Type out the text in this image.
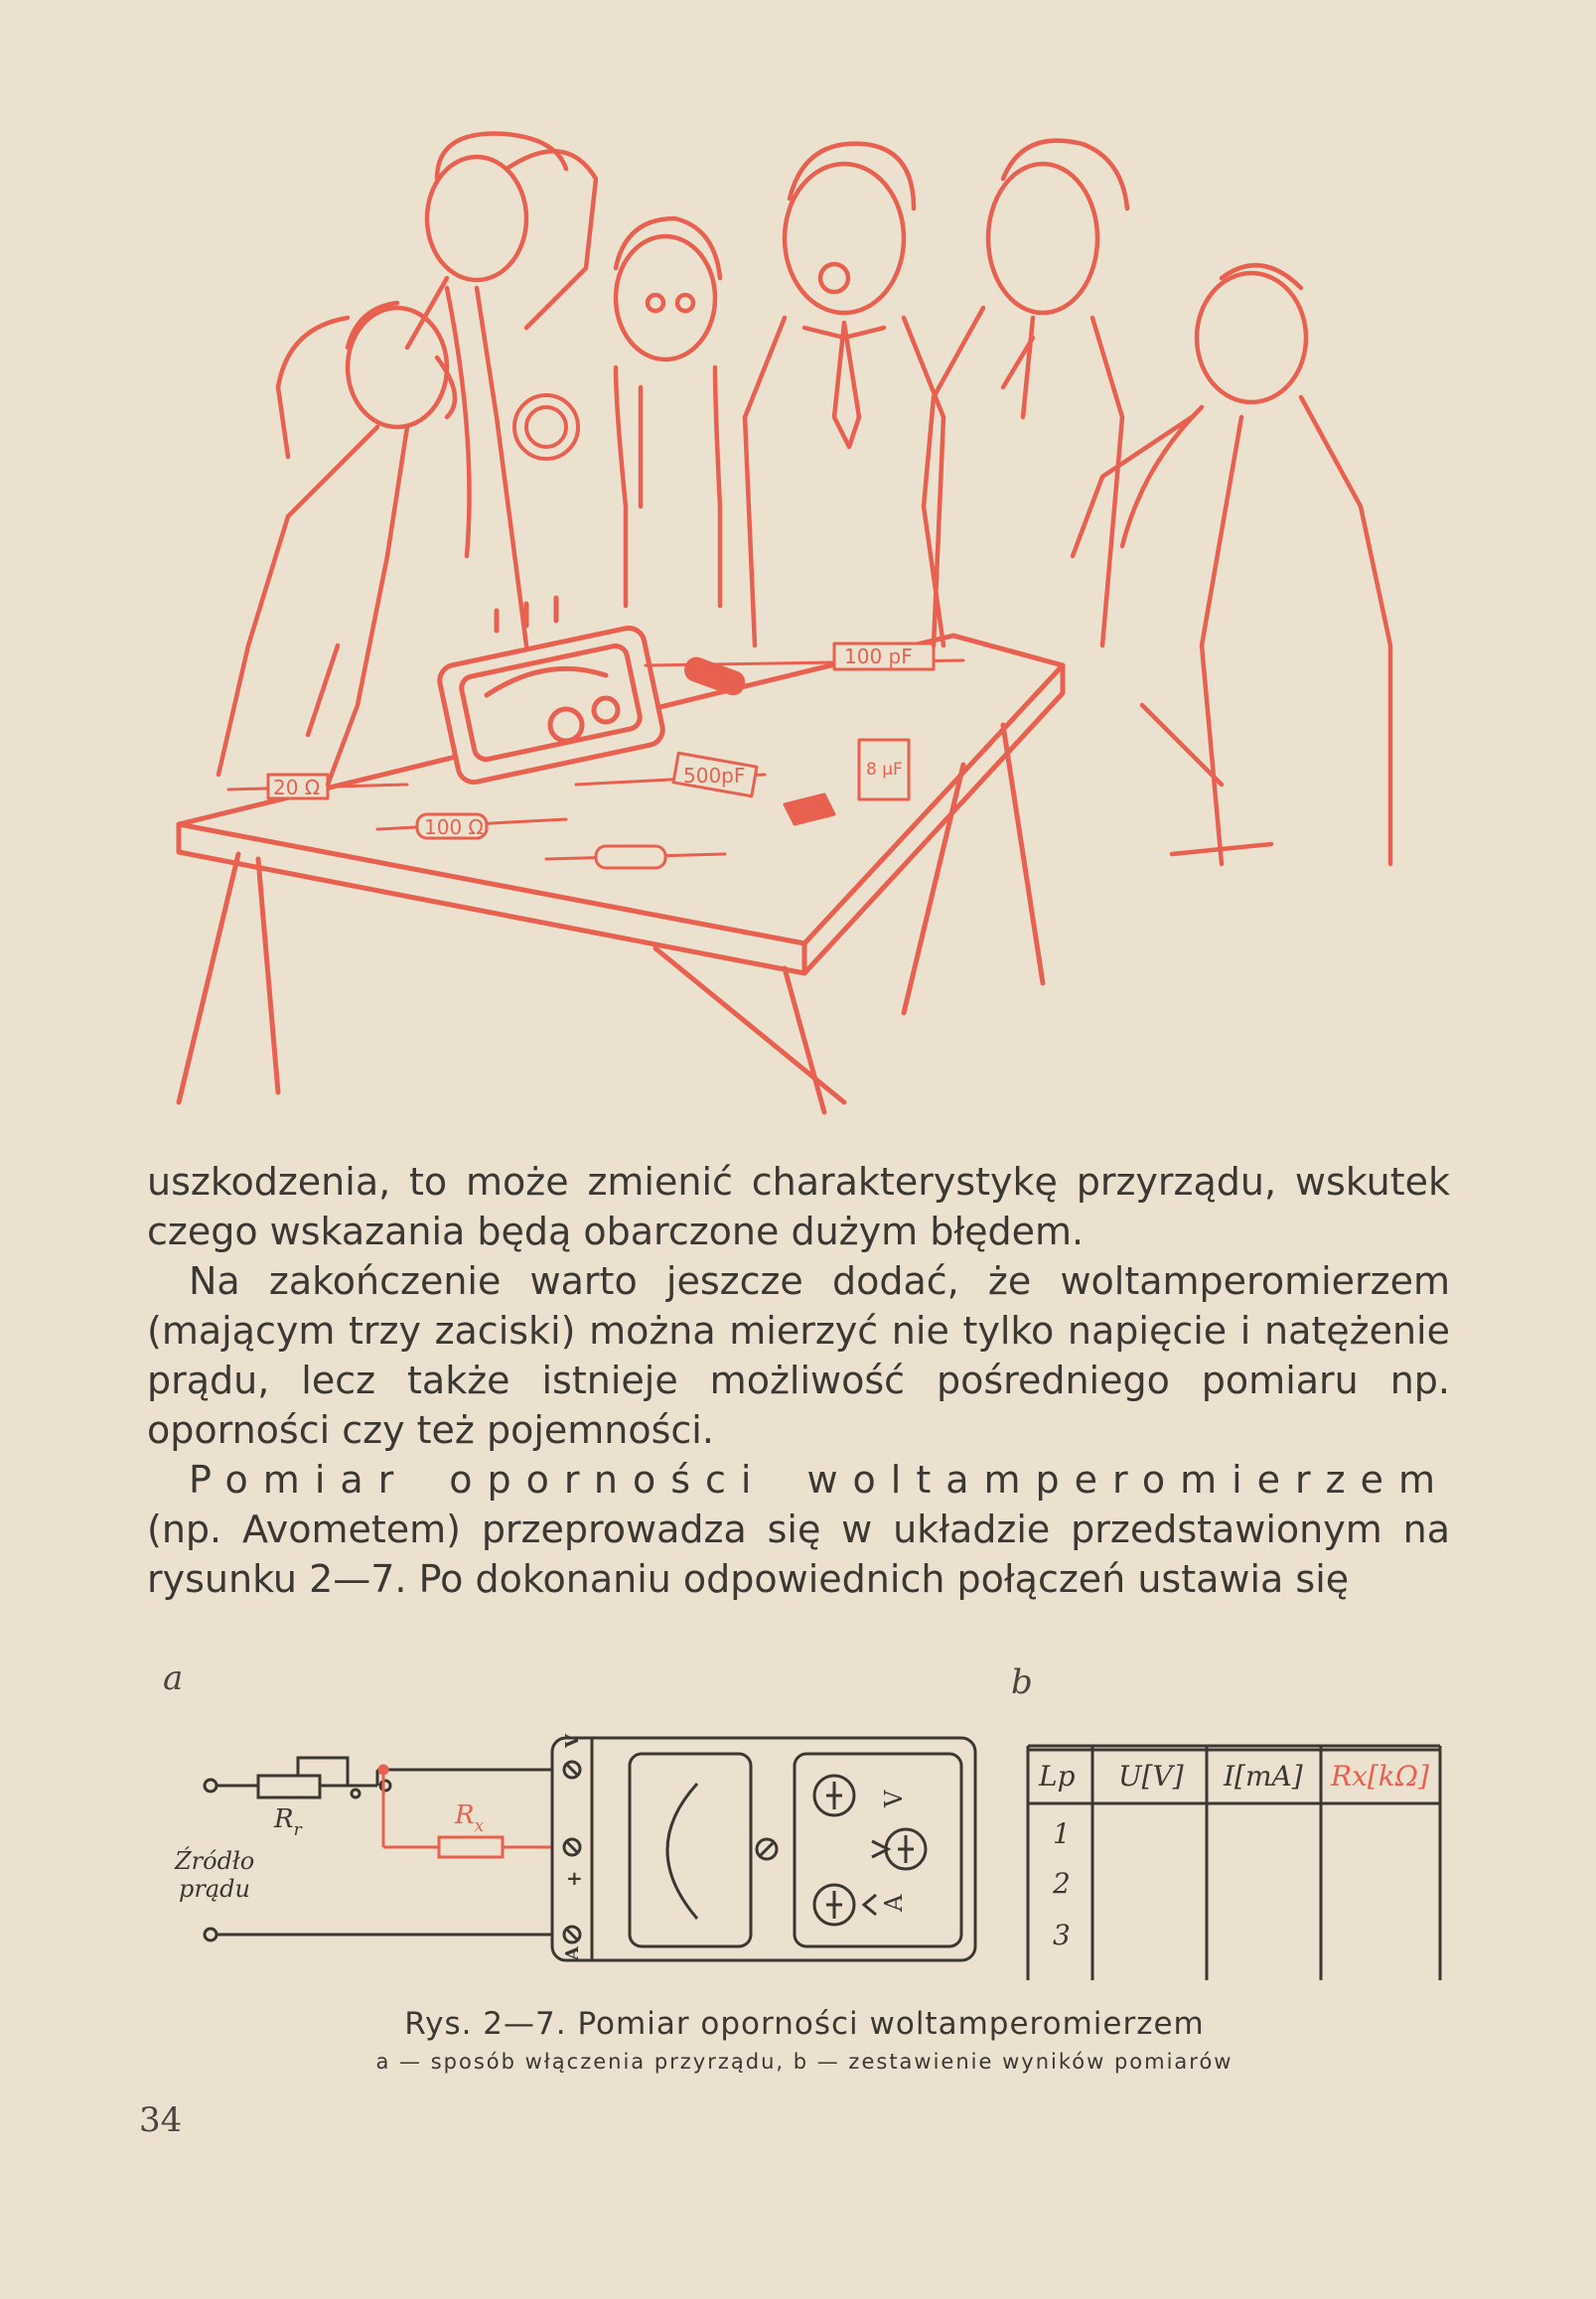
100 pF
500pF	8 μF
20 Ω
100 Ω

uszkodzenia, to może zmienić charakterystykę przyrządu, wskutek czego wskazania będą obarczone dużym błędem.

Na zakończenie warto jeszcze dodać, że woltamperomierzem (mającym trzy zaciski) można mierzyć nie tylko napięcie i natężenie prądu, lecz także istnieje możliwość pośredniego pomiaru np. oporności czy też pojemności.

Pomiar oporności woltamperomierzem (np. Avometem) przeprowadza się w układzie przedstawionym na rysunku 2—7. Po dokonaniu odpowiednich połączeń ustawia się

a	b
$R_r$	$R_x$
Źródło
prądu
V
+
A
V
A
Lp U[V] I[mA] Rx[kΩ]
1
2
3
Rys. 2—7. Pomiar oporności woltamperomierzem
a — sposób włączenia przyrządu, b — zestawienie wyników pomiarów
34
